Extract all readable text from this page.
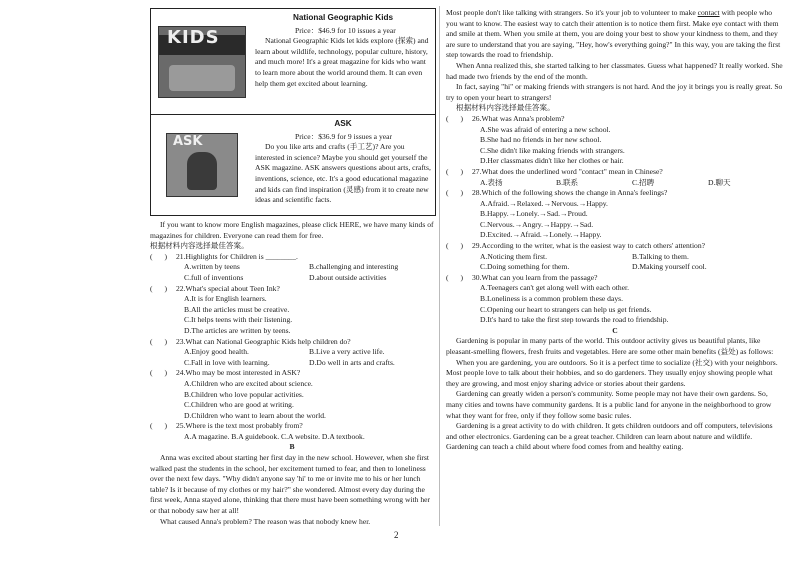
KIDS
National Geographic Kids
Price：$46.9 for 10 issues a year

National Geographic Kids let kids explore (探索) and learn about wildlife, technology, popular culture, history, and much more! It's a great magazine for kids who want to learn more about the world around them. It can even help them get excited about learning.

ASK
ASK
Price：$36.9 for 9 issues a year

Do you like arts and crafts (手工艺)? Are you interested in science? Maybe you should get yourself the ASK magazine. ASK answers questions about arts, crafts, inventions, science, etc. It's a good educational magazine and kids can find inspiration (灵感) from it to create new ideas and scientific facts.

If you want to know more English magazines, please click HERE, we have many kinds of magazines for children. Everyone can read them for free.

根据材料内容选择最佳答案。

( )	21.Highlights for Children is ________.
A.written by teens	B.challenging and interesting
C.full of inventions	D.about outside activities
( )	22.What's special about Teen Ink?
A.It is for English learners.
B.All the articles must be creative.
C.It helps teens with their listening.
D.The articles are written by teens.
( )	23.What can National Geographic Kids help children do?
A.Enjoy good health.	B.Live a very active life.
C.Fall in love with learning.	D.Do well in arts and crafts.
( )	24.Who may be most interested in ASK?
A.Children who are excited about science.
B.Children who love popular activities.
C.Children who are good at writing.
D.Children who want to learn about the world.
( )	25.Where is the text most probably from?
A.A magazine. B.A guidebook. C.A website. D.A textbook.
B

Anna was excited about starting her first day in the new school. However, when she first walked past the students in the school, her excitement turned to fear, and then to loneliness over the next few days. "Why didn't anyone say 'hi' to me or invite me to his or her lunch table? Is it because of my clothes or my hair?" she wondered. Almost every day during the first week, Anna stayed alone, thinking that there must have been something wrong with her or that nobody saw her at all!

What caused Anna's problem? The reason was that nobody knew her.

Most people don't like talking with strangers. So it's your job to volunteer to make contact with people who you want to know. The easiest way to catch their attention is to notice them first. Make eye contact with them and smile at them. When you smile at them, you are doing your best to show your kindness to them, and they are sure to understand that you are saying, "Hey, how's everything going?" In this way, you are taking the first step towards the road to friendship.

When Anna realized this, she started talking to her classmates. Guess what happened? It really worked. She had made two friends by the end of the month.

In fact, saying "hi" or making friends with strangers is not hard. And the joy it brings you is really great. So try to open your heart to strangers!

根据材料内容选择最佳答案。

( )	26.What was Anna's problem?
A.She was afraid of entering a new school.
B.She had no friends in her new school.
C.She didn't like making friends with strangers.
D.Her classmates didn't like her clothes or hair.
( )	27.What does the underlined word "contact" mean in Chinese?
A.表扬	B.联系	C.招聘	D.聊天
( )	28.Which of the following shows the change in Anna's feelings?
A.Afraid.→Relaxed.→Nervous.→Happy.
B.Happy.→Lonely.→Sad.→Proud.
C.Nervous.→Angry.→Happy.→Sad.
D.Excited.→Afraid.→Lonely.→Happy.
( )	29.According to the writer, what is the easiest way to catch others' attention?
A.Noticing them first.	B.Talking to them.
C.Doing something for them.	D.Making yourself cool.
( )	30.What can you learn from the passage?
A.Teenagers can't get along well with each other.
B.Loneliness is a common problem these days.
C.Opening our heart to strangers can help us get friends.
D.It's hard to take the first step towards the road to friendship.
C

Gardening is popular in many parts of the world. This outdoor activity gives us beautiful plants, like pleasant-smelling flowers, fresh fruits and vegetables. Here are some other main benefits (益处) as follows:

When you are gardening, you are outdoors. So it is a perfect time to socialize (社交) with your neighbors. Most people love to talk about their hobbies, and so do gardeners. They usually enjoy showing people what they are growing, and most enjoy sharing advice or stories about their gardens.

Gardening can greatly widen a person's community. Some people may not have their own gardens. So, many cities and towns have community gardens. It is a public land for anyone in the neighborhood to grow what they want for free, only if they follow some basic rules.

Gardening is a great activity to do with children. It gets children outdoors and off computers, televisions and other electronics. Gardening can be a great teacher. Children can learn about nature and wildlife. Gardening can teach a child about where food comes from and healthy eating.

2
